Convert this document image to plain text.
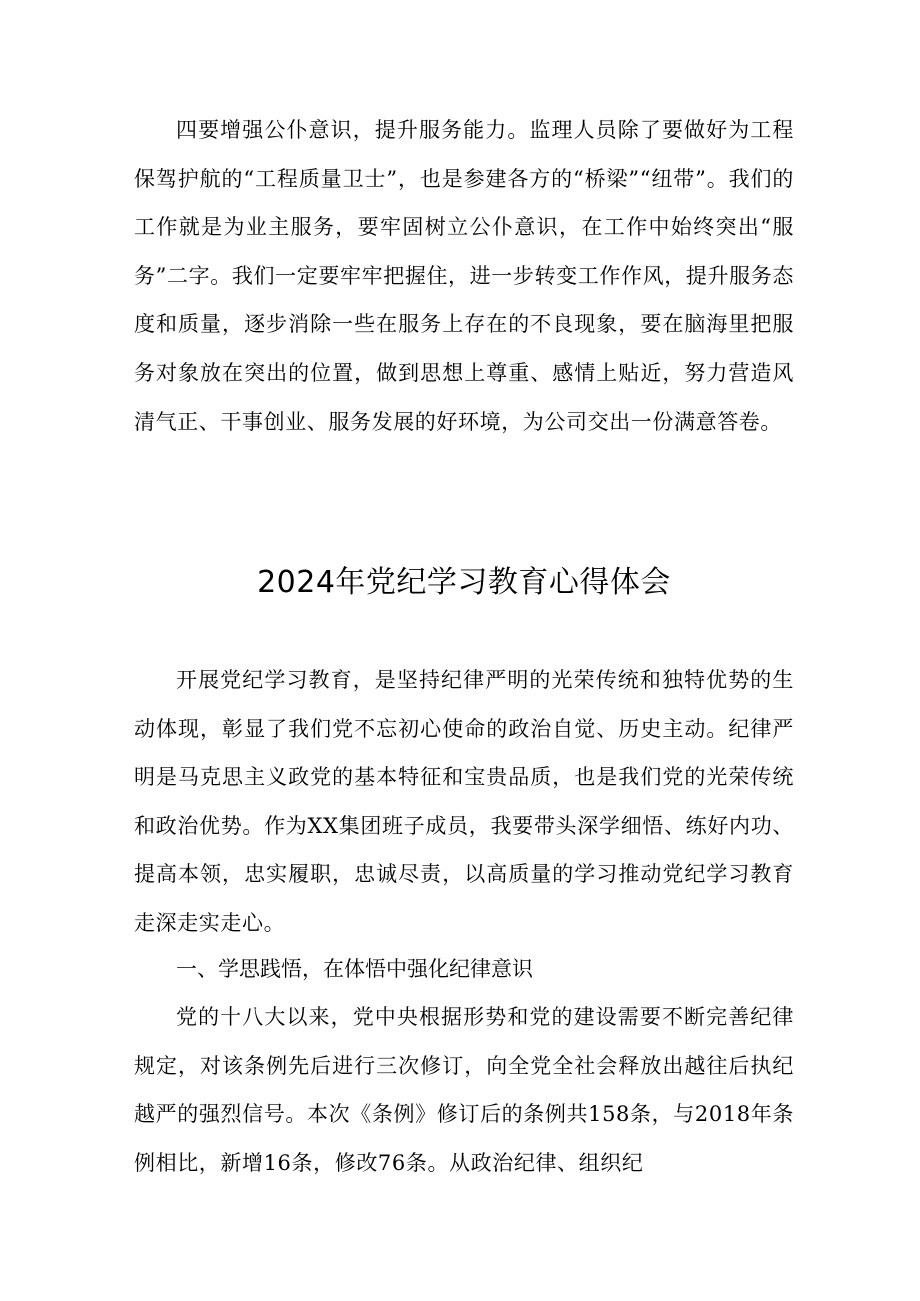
四要增强公仆意识，提升服务能力。监理人员除了要做好为工程保驾护航的“工程质量卫士”，也是参建各方的“桥梁”“纽带”。我们的工作就是为业主服务，要牢固树立公仆意识，在工作中始终突出“服务”二字。我们一定要牢牢把握住，进一步转变工作作风，提升服务态度和质量，逐步消除一些在服务上存在的不良现象，要在脑海里把服务对象放在突出的位置，做到思想上尊重、感情上贴近，努力营造风清气正、干事创业、服务发展的好环境，为公司交出一份满意答卷。

2024年党纪学习教育心得体会

开展党纪学习教育，是坚持纪律严明的光荣传统和独特优势的生动体现，彰显了我们党不忘初心使命的政治自觉、历史主动。纪律严明是马克思主义政党的基本特征和宝贵品质，也是我们党的光荣传统和政治优势。作为XX集团班子成员，我要带头深学细悟、练好内功、提高本领，忠实履职，忠诚尽责，以高质量的学习推动党纪学习教育走深走实走心。

一、学思践悟，在体悟中强化纪律意识

党的十八大以来，党中央根据形势和党的建设需要不断完善纪律规定，对该条例先后进行三次修订，向全党全社会释放出越往后执纪越严的强烈信号。本次《条例》修订后的条例共158条，与2018年条例相比，新增16条，修改76条。从政治纪律、组织纪
